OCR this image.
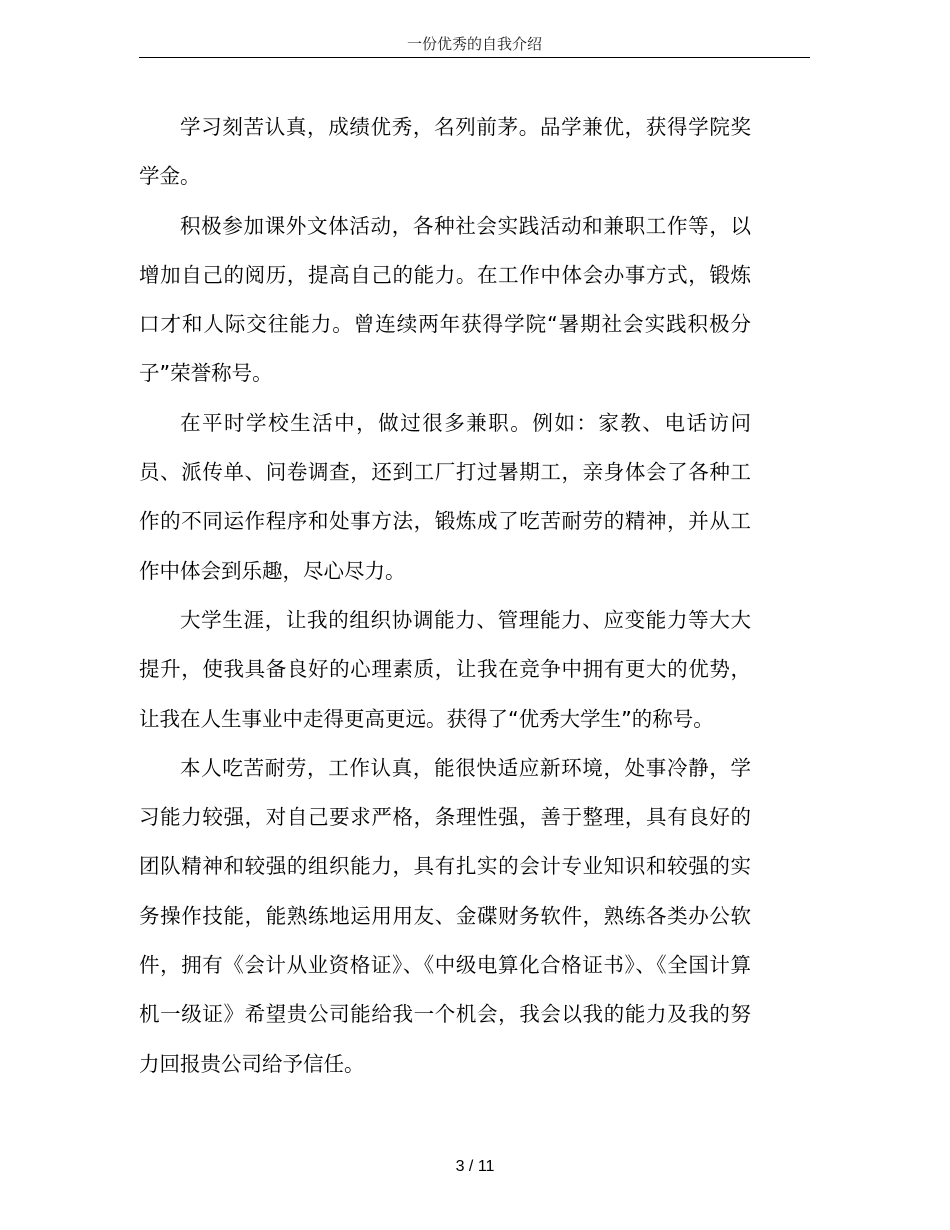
一份优秀的自我介绍

学习刻苦认真，成绩优秀，名列前茅。品学兼优，获得学院奖学金。

积极参加课外文体活动，各种社会实践活动和兼职工作等，以增加自己的阅历，提高自己的能力。在工作中体会办事方式，锻炼口才和人际交往能力。曾连续两年获得学院“暑期社会实践积极分子”荣誉称号。

在平时学校生活中，做过很多兼职。例如：家教、电话访问员、派传单、问卷调查，还到工厂打过暑期工，亲身体会了各种工作的不同运作程序和处事方法，锻炼成了吃苦耐劳的精神，并从工作中体会到乐趣，尽心尽力。

大学生涯，让我的组织协调能力、管理能力、应变能力等大大提升，使我具备良好的心理素质，让我在竞争中拥有更大的优势，让我在人生事业中走得更高更远。获得了“优秀大学生”的称号。

本人吃苦耐劳，工作认真，能很快适应新环境，处事冷静，学习能力较强，对自己要求严格，条理性强，善于整理，具有良好的团队精神和较强的组织能力，具有扎实的会计专业知识和较强的实务操作技能，能熟练地运用用友、金碟财务软件，熟练各类办公软件，拥有《会计从业资格证》、《中级电算化合格证书》、《全国计算机一级证》希望贵公司能给我一个机会，我会以我的能力及我的努力回报贵公司给予信任。

3 / 11
